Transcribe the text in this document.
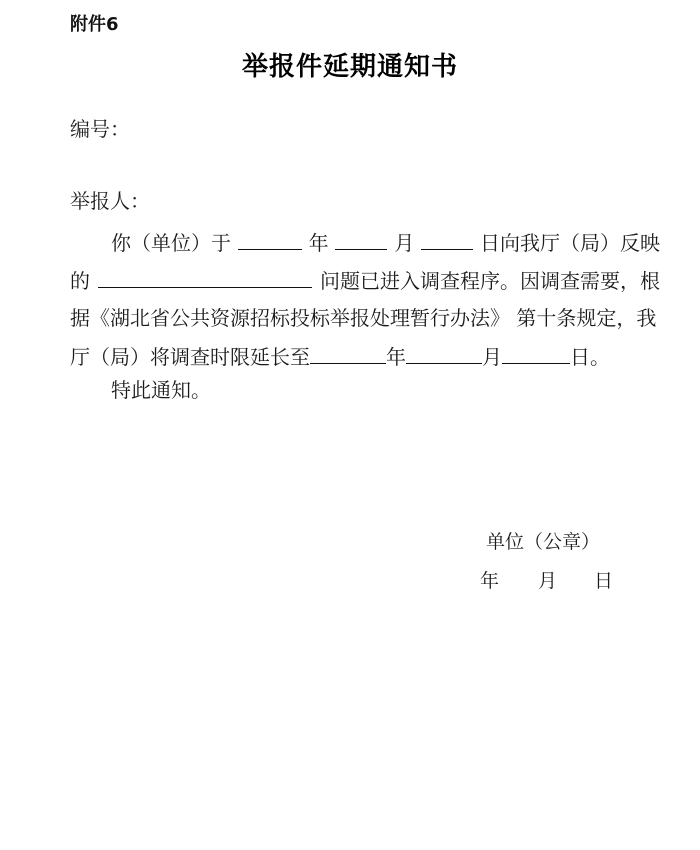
附件6
举报件延期通知书
编号：
举报人：
你（单位）于	年	月	日向我厅（局）反映
的	问题已进入调查程序。因调查需要，根
据《湖北省公共资源招标投标举报处理暂行办法》 第十条规定，我
厅（局）将调查时限延长至	年	月	日。
特此通知。
单位（公章）
年	月	日
